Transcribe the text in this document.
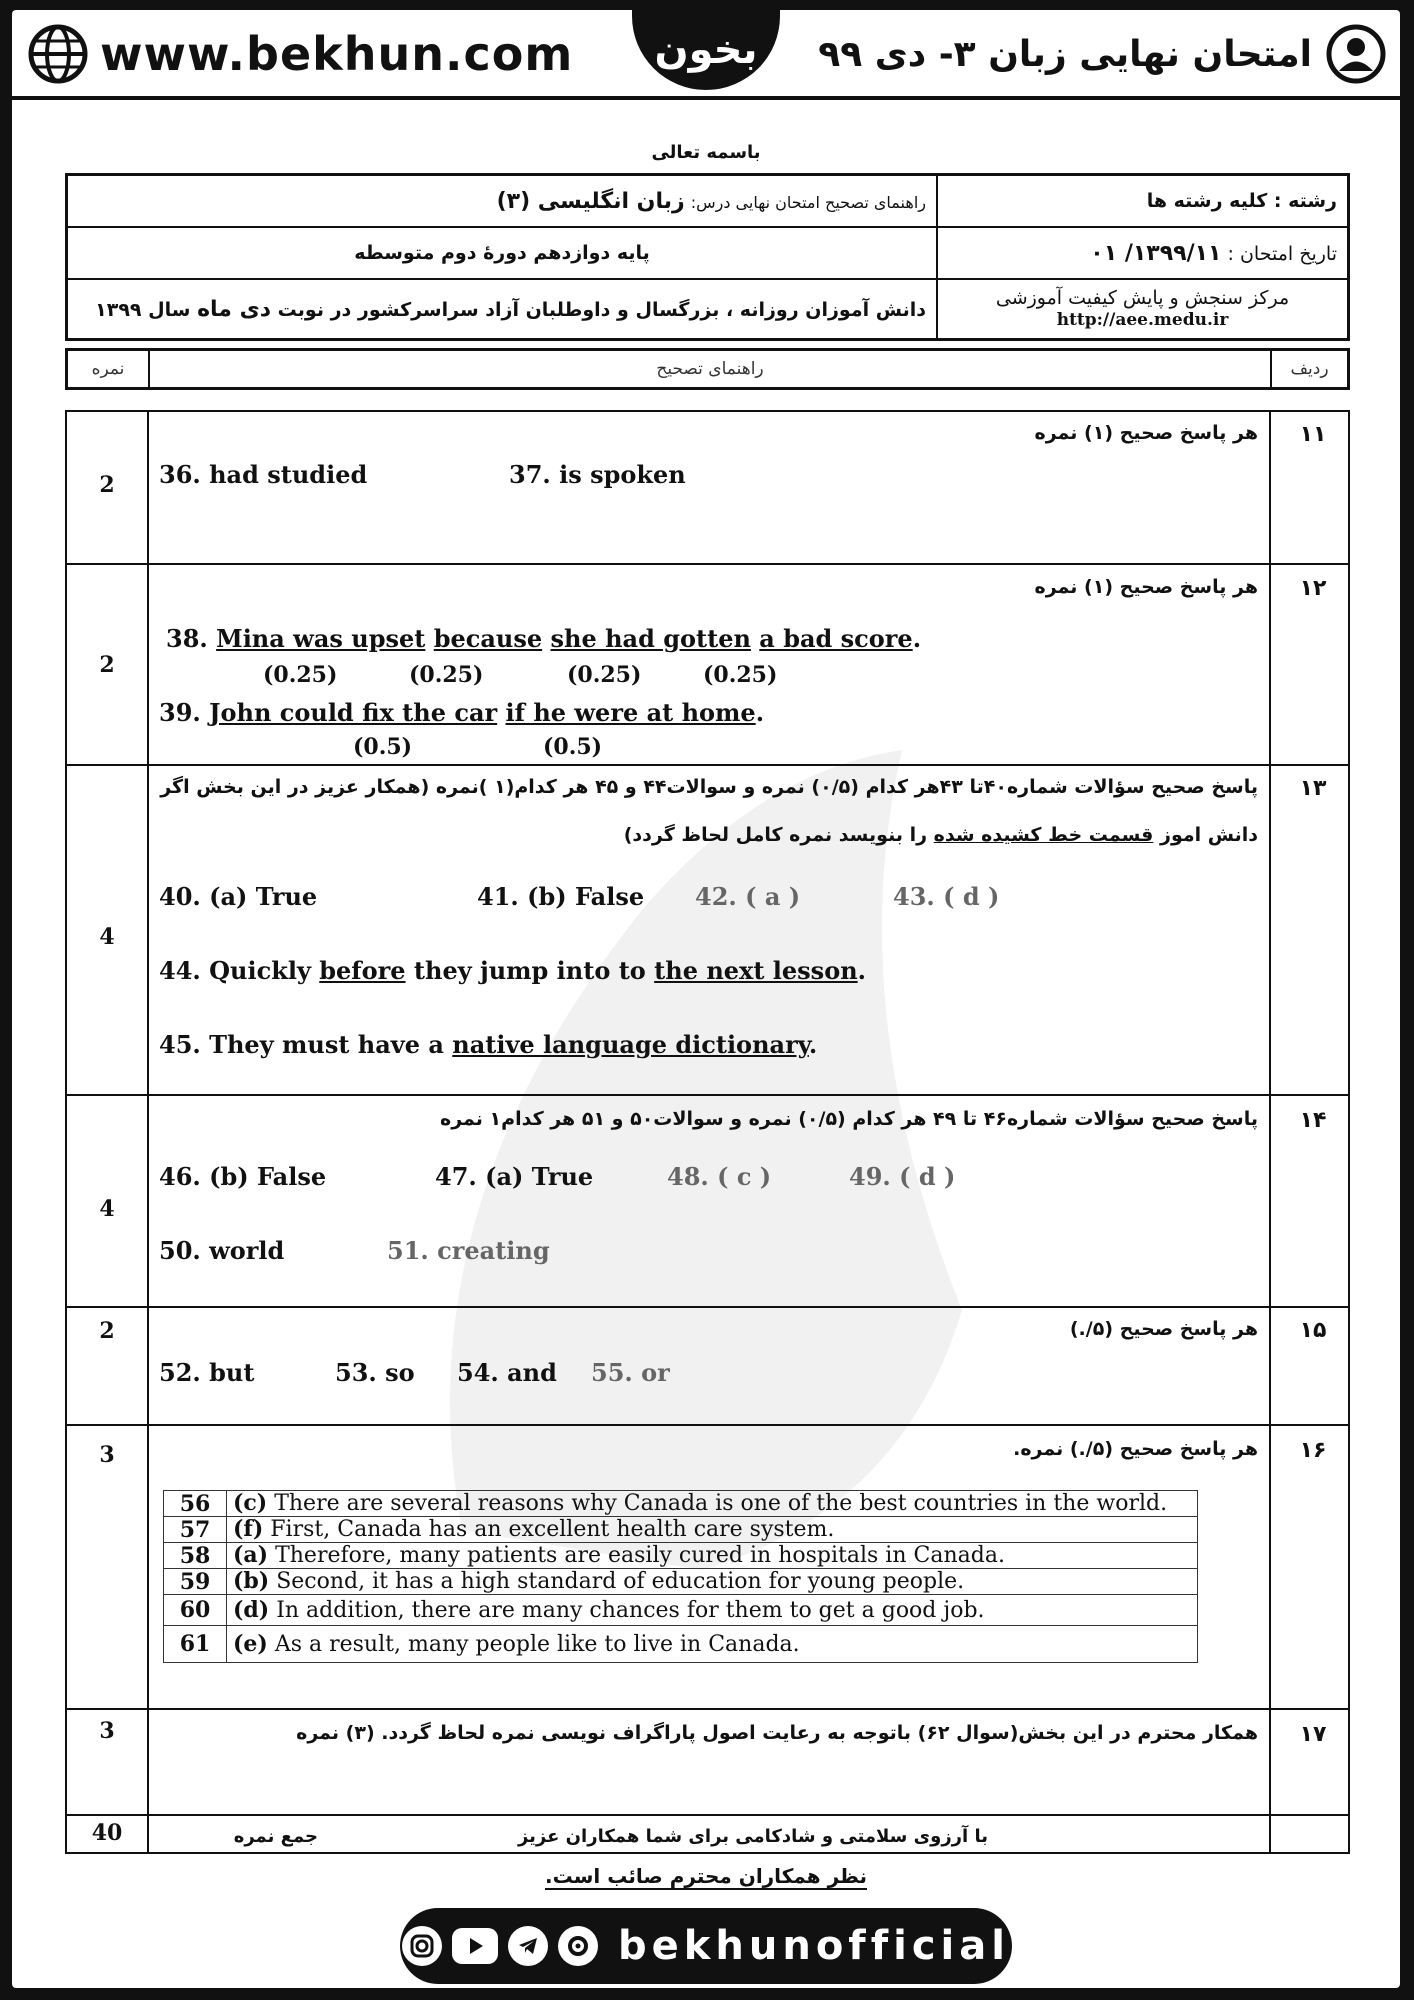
www.bekhun.com بخون امتحان نهایی زبان ۳- دی ۹۹
باسمه تعالی
راهنمای تصحیح امتحان نهایی درس: زبان انگلیسی (۳)	رشته : کلیه رشته ها
پایه دوازدهم دورهٔ دوم متوسطه	تاریخ امتحان : ۱۳۹۹/۱۱/ ۰۱
دانش آموزان روزانه ، بزرگسال و داوطلبان آزاد سراسرکشور در نوبت دی ماه سال ۱۳۹۹	مرکز سنجش و پایش کیفیت آموزشی
http://aee.medu.ir
نمره	راهنمای تصحیح	ردیف
۱۱
2
هر پاسخ صحیح (۱) نمره
36. had studied	37. is spoken
۱۲
2
هر پاسخ صحیح (۱) نمره
38. Mina was upset because she had gotten a bad score.
(0.25)	(0.25)	(0.25)	(0.25)
39. John could fix the car if he were at home.
(0.5)	(0.5)
۱۳
4
پاسخ صحیح سؤالات شماره۴۰تا ۴۳هر کدام (۰/۵) نمره و سوالات۴۴ و ۴۵ هر کدام(۱ )نمره (همکار عزیز در این بخش اگر
دانش اموز قسمت خط کشیده شده را بنویسد نمره کامل لحاظ گردد)
40. (a) True	41. (b) False 42. ( a )	43. ( d )
44. Quickly before they jump into to the next lesson.
45. They must have a native language dictionary.
۱۴
4
پاسخ صحیح سؤالات شماره۴۶ تا ۴۹ هر کدام (۰/۵) نمره و سوالات۵۰ و ۵۱ هر کدام۱ نمره
46. (b) False	47. (a) True	48. ( c )	49. ( d )
50. world	51. creating
۱۵
2	هر پاسخ صحیح (۵/.)
52. but	53. so 54. and 55. or
۱۶
3	هر پاسخ صحیح (۵/.) نمره.
56	(c) There are several reasons why Canada is one of the best countries in the world.
57	(f) First, Canada has an excellent health care system.
58	(a) Therefore, many patients are easily cured in hospitals in Canada.
59	(b) Second, it has a high standard of education for young people.
60	(d) In addition, there are many chances for them to get a good job.
61	(e) As a result, many people like to live in Canada.
۱۷
3	همکار محترم در این بخش(سوال ۶۲) باتوجه به رعایت اصول پاراگراف نویسی نمره لحاظ گردد. (۳) نمره
40	با آرزوی سلامتی و شادکامی برای شما همکاران عزیز
جمع نمره
نظر همکاران محترم صائب است.
bekhunofficial
